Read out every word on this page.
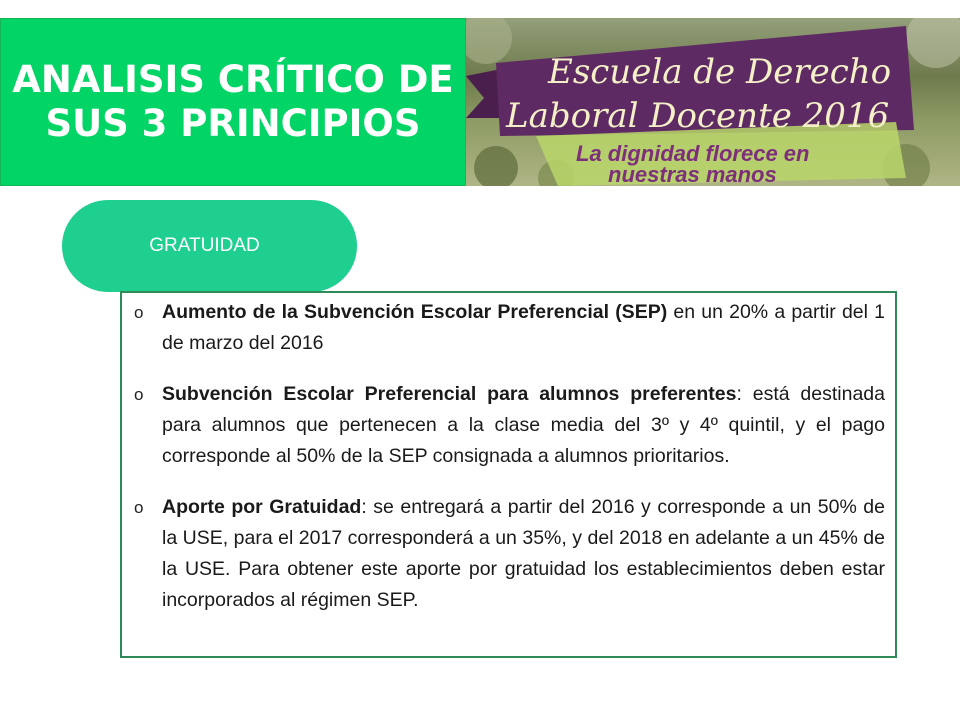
ANALISIS CRÍTICO DE
SUS 3 PRINCIPIOS
Escuela de Derecho
Laboral Docente 2016
La dignidad florece en
nuestras manos
GRATUIDAD
o Aumento de la Subvención Escolar Preferencial (SEP) en un 20% a partir del 1 de marzo del 2016
o Subvención Escolar Preferencial para alumnos preferentes: está destinada para alumnos que pertenecen a la clase media del 3º y 4º quintil, y el pago corresponde al 50% de la SEP consignada a alumnos prioritarios.
o Aporte por Gratuidad: se entregará a partir del 2016 y corresponde a un 50% de la USE, para el 2017 corresponderá a un 35%, y del 2018 en adelante a un 45% de la USE. Para obtener este aporte por gratuidad los establecimientos deben estar incorporados al régimen SEP.
